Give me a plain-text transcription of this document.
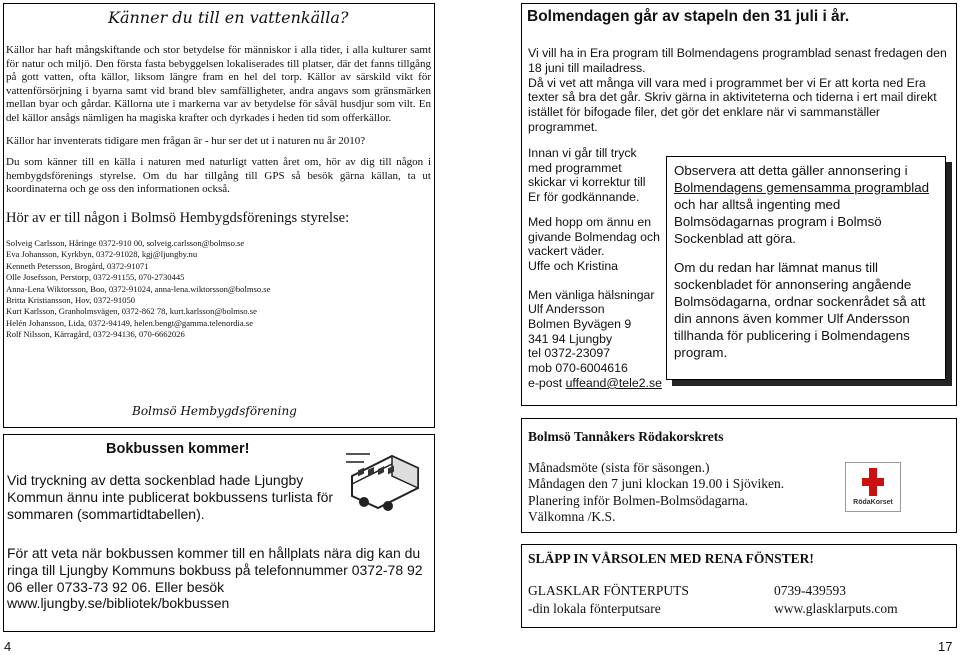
Känner du till en vattenkälla?

Källor har haft mångskiftande och stor betydelse för människor i alla tider, i alla kulturer samt för natur och miljö. Den första fasta bebyggelsen lokaliserades till platser, där det fanns tillgång på gott vatten, ofta källor, liksom längre fram en hel del torp. Källor av särskild vikt för vattenförsörjning i byarna samt vid brand blev samfälligheter, andra angavs som gränsmärken mellan byar och gårdar. Källorna ute i markerna var av betydelse för såväl husdjur som vilt. En del källor ansågs nämligen ha magiska krafter och dyrkades i heden tid som offerkällor.

Källor har inventerats tidigare men frågan är - hur ser det ut i naturen nu år 2010?

Du som känner till en källa i naturen med naturligt vatten året om, hör av dig till någon i hembygdsförenings styrelse. Om du har tillgång till GPS så besök gärna källan, ta ut koordinaterna och ge oss den informationen också.

Hör av er till någon i Bolmsö Hembygdsförenings styrelse:

Solveig Carlsson, Håringe 0372-910 00, solveig.carlsson@bolmso.se
Eva Johansson, Kyrkbyn, 0372-91028, kgj@ljungby.nu
Kenneth Petersson, Brogård, 0372-91071
Olle Josefsson, Perstorp, 0372-91155, 070-2730445
Anna-Lena Wiktorsson, Boo, 0372-91024, anna-lena.wiktorsson@bolmso.se
Britta Kristiansson, Hov, 0372-91050
Kurt Karlsson, Granholmsvägen, 0372-862 78, kurt.karlsson@bolmso.se
Helén Johansson, Lida, 0372-94149, helen.bengt@gamma.telenordia.se
Rolf Nilsson, Kärragård, 0372-94136, 070-6662026
Bolmsö Hembygdsförening
Bokbussen kommer!
Vid tryckning av detta sockenblad hade Ljungby Kommun ännu inte publicerat bokbussens turlista för sommaren (sommartidtabellen).
För att veta när bokbussen kommer till en hållplats nära dig kan du ringa till Ljungby Kommuns bokbuss på telefonnummer 0372-78 92 06 eller 0733-73 92 06. Eller besök www.ljungby.se/bibliotek/bokbussen
Bolmendagen går av stapeln den 31 juli i år.

Vi vill ha in Era program till Bolmendagens programblad senast fredagen den 18 juni till mailadress.

Då vi vet att många vill vara med i programmet ber vi Er att korta ned Era texter så bra det går. Skriv gärna in aktiviteterna och tiderna i ert mail direkt istället för bifogade filer, det gör det enklare när vi sammanställer programmet.

Innan vi går till tryck med programmet skickar vi korrektur till Er för godkännande.

Med hopp om ännu en givande Bolmendag och vackert väder.

Uffe och Kristina

Men vänliga hälsningar

Ulf Andersson

Bolmen Byvägen 9

341 94 Ljungby

tel 0372-23097

mob 070-6004616

e-post uffeand@tele2.se

Observera att detta gäller annonsering i Bolmendagens gemensamma programblad och har alltså ingenting med Bolmsödagarnas program i Bolmsö Sockenblad att göra.

Om du redan har lämnat manus till sockenbladet för annonsering angående Bolmsödagarna, ordnar sockenrådet så att din annons även kommer Ulf Andersson tillhanda för publicering i Bolmendagens program.

Bolmsö Tannåkers Rödakorskrets
Månadsmöte (sista för säsongen.)
Måndagen den 7 juni klockan 19.00 i Sjöviken.
Planering inför Bolmen-Bolmsödagarna.
Välkomna /K.S.
RödaKorset
SLÄPP IN VÅRSOLEN MED RENA FÖNSTER!
GLASKLAR FÖNTERPUTS	0739-439593
-din lokala fönterputsare	www.glasklarputs.com
4	17
